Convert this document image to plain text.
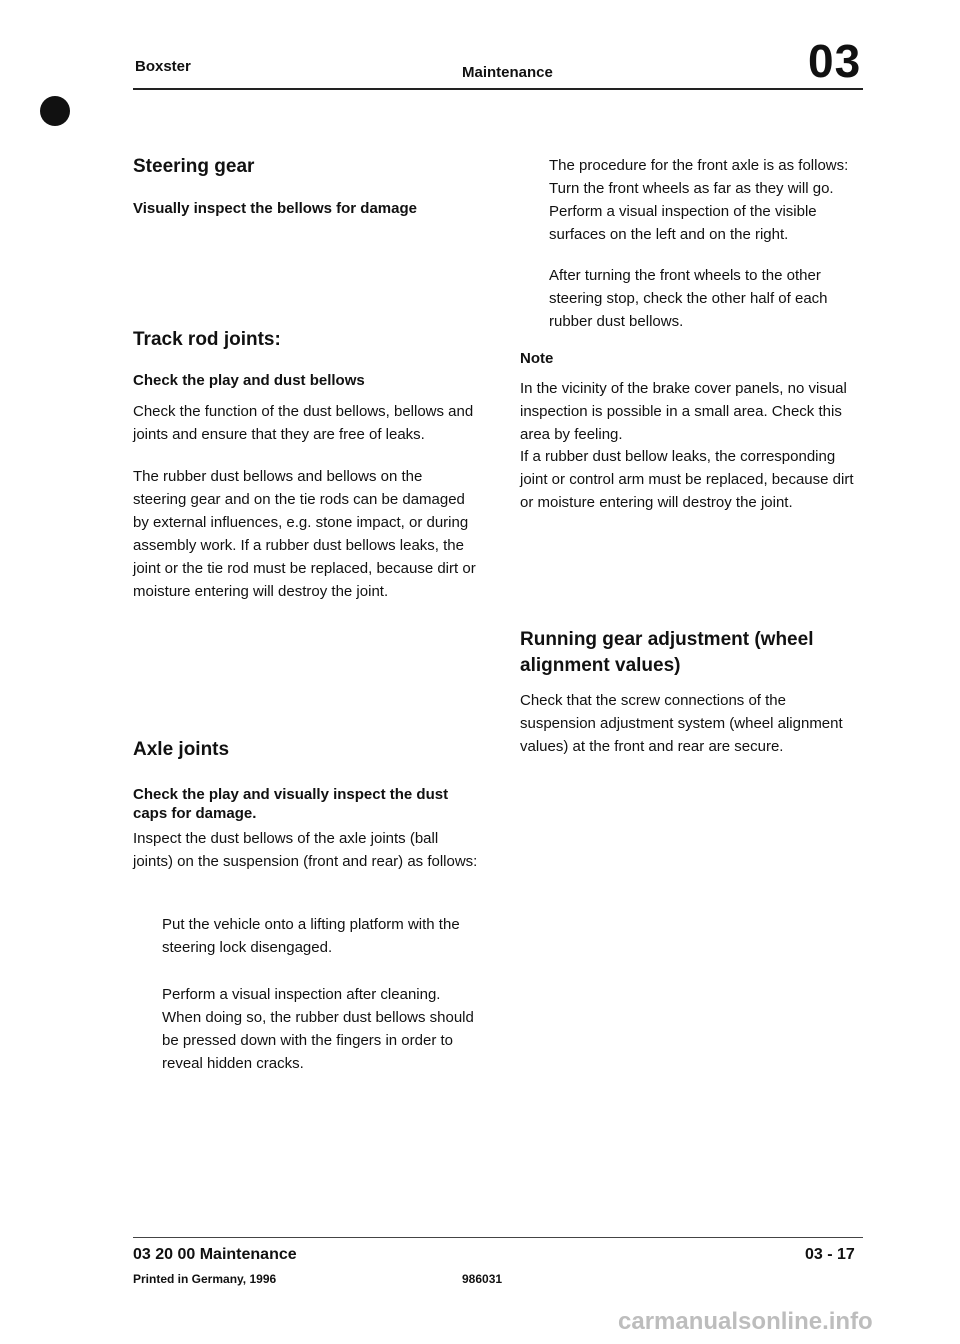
Boxster	Maintenance	03
Steering gear
Visually inspect the bellows for damage
Track rod joints:
Check the play and dust bellows
Check the function of the dust bellows, bellows and joints and ensure that they are free of leaks.
The rubber dust bellows and bellows on the steering gear and on the tie rods can be damaged by external influences, e.g. stone impact, or during assembly work. If a rubber dust bellows leaks, the joint or the tie rod must be replaced, because dirt or moisture entering will destroy the joint.
Axle joints
Check the play and visually inspect the dust caps for damage.
Inspect the dust bellows of the axle joints (ball joints) on the suspension (front and rear) as follows:
Put the vehicle onto a lifting platform with the steering lock disengaged.
Perform a visual inspection after cleaning. When doing so, the rubber dust bellows should be pressed down with the fingers in order to reveal hidden cracks.
The procedure for the front axle is as follows: Turn the front wheels as far as they will go. Perform a visual inspection of the visible surfaces on the left and on the right.
After turning the front wheels to the other steering stop, check the other half of each rubber dust bellows.
Note
In the vicinity of the brake cover panels, no visual inspection is possible in a small area. Check this area by feeling.
If a rubber dust bellow leaks, the corresponding joint or control arm must be replaced, because dirt or moisture entering will destroy the joint.
Running gear adjustment (wheel alignment values)
Check that the screw connections of the suspension adjustment system (wheel alignment values) at the front and rear are secure.
03 20 00 Maintenance	03 - 17
Printed in Germany, 1996	986031
carmanualsonline.info
